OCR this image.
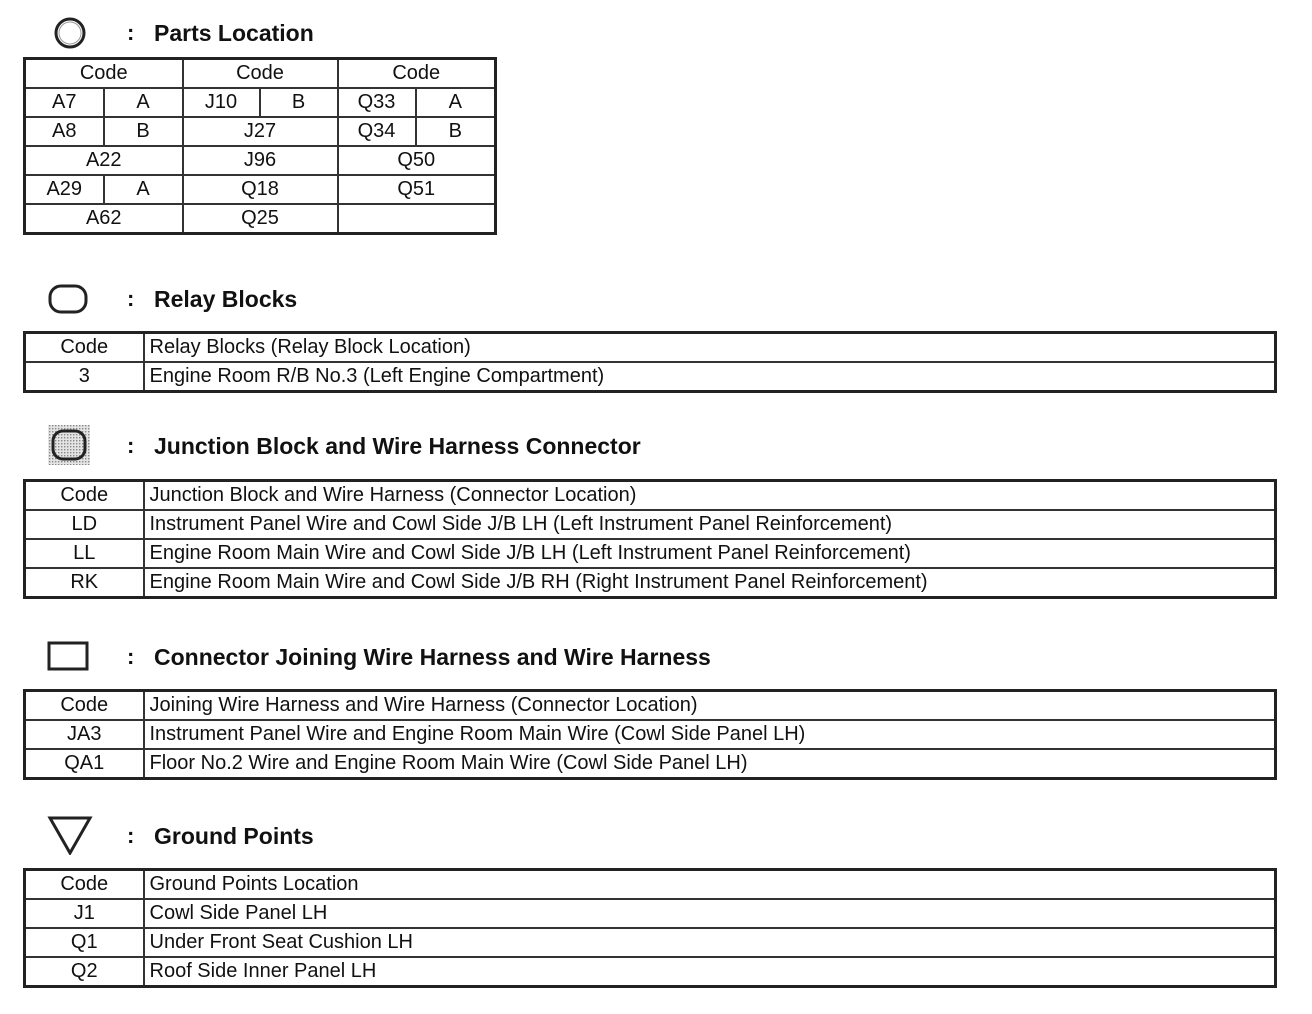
: Parts Location
Code		Code		Code	
A7	A	J10	B	Q33	A
A8	B	J27		Q34	B
A22		J96		Q50	
A29	A	Q18		Q51	
A62		Q25			
: Relay Blocks
Code	Relay Blocks (Relay Block Location)
3	Engine Room R/B No.3 (Left Engine Compartment)
: Junction Block and Wire Harness Connector
Code	Junction Block and Wire Harness (Connector Location)
LD	Instrument Panel Wire and Cowl Side J/B LH (Left Instrument Panel Reinforcement)
LL	Engine Room Main Wire and Cowl Side J/B LH (Left Instrument Panel Reinforcement)
RK	Engine Room Main Wire and Cowl Side J/B RH (Right Instrument Panel Reinforcement)
: Connector Joining Wire Harness and Wire Harness
Code	Joining Wire Harness and Wire Harness (Connector Location)
JA3	Instrument Panel Wire and Engine Room Main Wire (Cowl Side Panel LH)
QA1	Floor No.2 Wire and Engine Room Main Wire (Cowl Side Panel LH)
: Ground Points
Code	Ground Points Location
J1	Cowl Side Panel LH
Q1	Under Front Seat Cushion LH
Q2	Roof Side Inner Panel LH
